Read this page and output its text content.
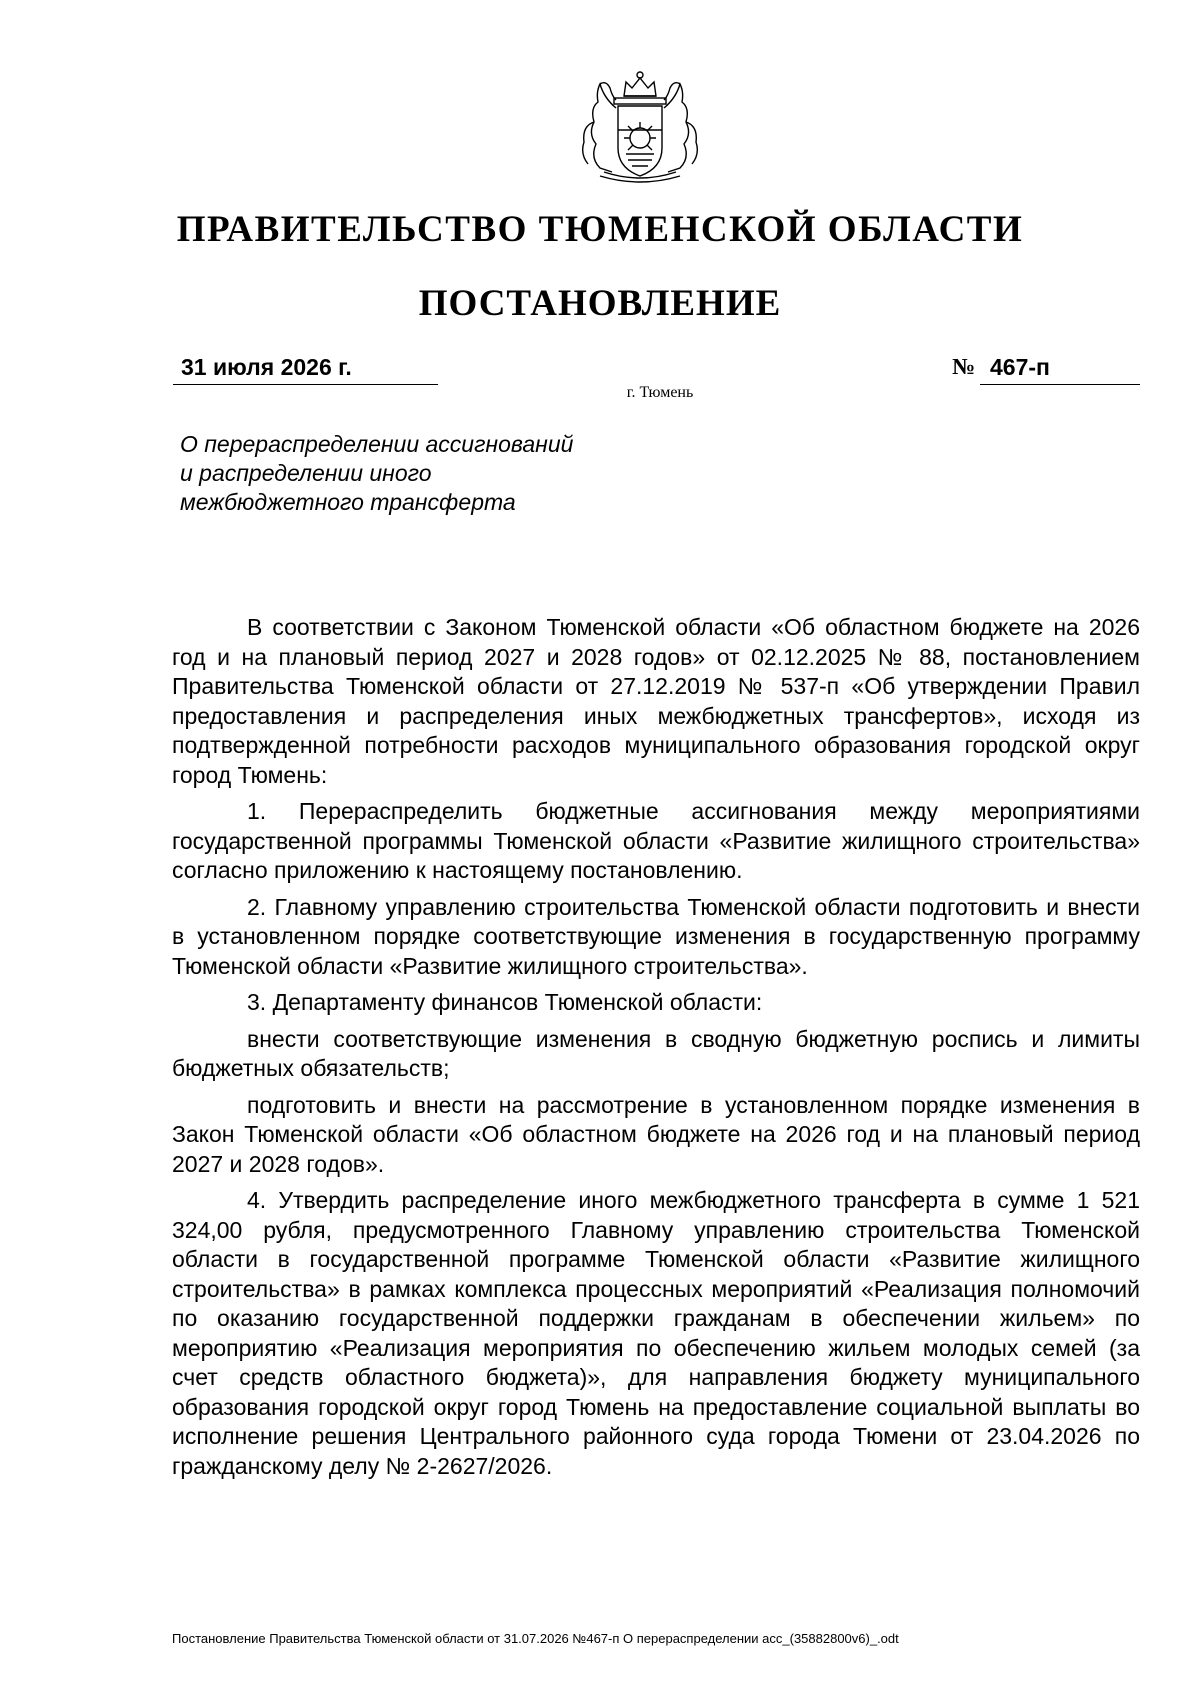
ПРАВИТЕЛЬСТВО ТЮМЕНСКОЙ ОБЛАСТИ
ПОСТАНОВЛЕНИЕ
31 июля 2026 г.	№ 467-п
г. Тюмень
О перераспределении ассигнований
и распределении иного
межбюджетного трансферта

В соответствии с Законом Тюменской области «Об областном бюджете на 2026 год и на плановый период 2027 и 2028 годов» от 02.12.2025 № 88, постановлением Правительства Тюменской области от 27.12.2019 № 537-п «Об утверждении Правил предоставления и распределения иных межбюджетных трансфертов», исходя из подтвержденной потребности расходов муниципального образования городской округ город Тюмень:

1. Перераспределить бюджетные ассигнования между мероприятиями государственной программы Тюменской области «Развитие жилищного строительства» согласно приложению к настоящему постановлению.

2. Главному управлению строительства Тюменской области подготовить и внести в установленном порядке соответствующие изменения в государственную программу Тюменской области «Развитие жилищного строительства».

3. Департаменту финансов Тюменской области:

внести соответствующие изменения в сводную бюджетную роспись и лимиты бюджетных обязательств;

подготовить и внести на рассмотрение в установленном порядке изменения в Закон Тюменской области «Об областном бюджете на 2026 год и на плановый период 2027 и 2028 годов».

4. Утвердить распределение иного межбюджетного трансферта в сумме 1 521 324,00 рубля, предусмотренного Главному управлению строительства Тюменской области в государственной программе Тюменской области «Развитие жилищного строительства» в рамках комплекса процессных мероприятий «Реализация полномочий по оказанию государственной поддержки гражданам в обеспечении жильем» по мероприятию «Реализация мероприятия по обеспечению жильем молодых семей (за счет средств областного бюджета)», для направления бюджету муниципального образования городской округ город Тюмень на предоставление социальной выплаты во исполнение решения Центрального районного суда города Тюмени от 23.04.2026 по гражданскому делу № 2-2627/2026.

Постановление Правительства Тюменской области от 31.07.2026 №467-п О перераспределении асс_(35882800v6)_.odt
